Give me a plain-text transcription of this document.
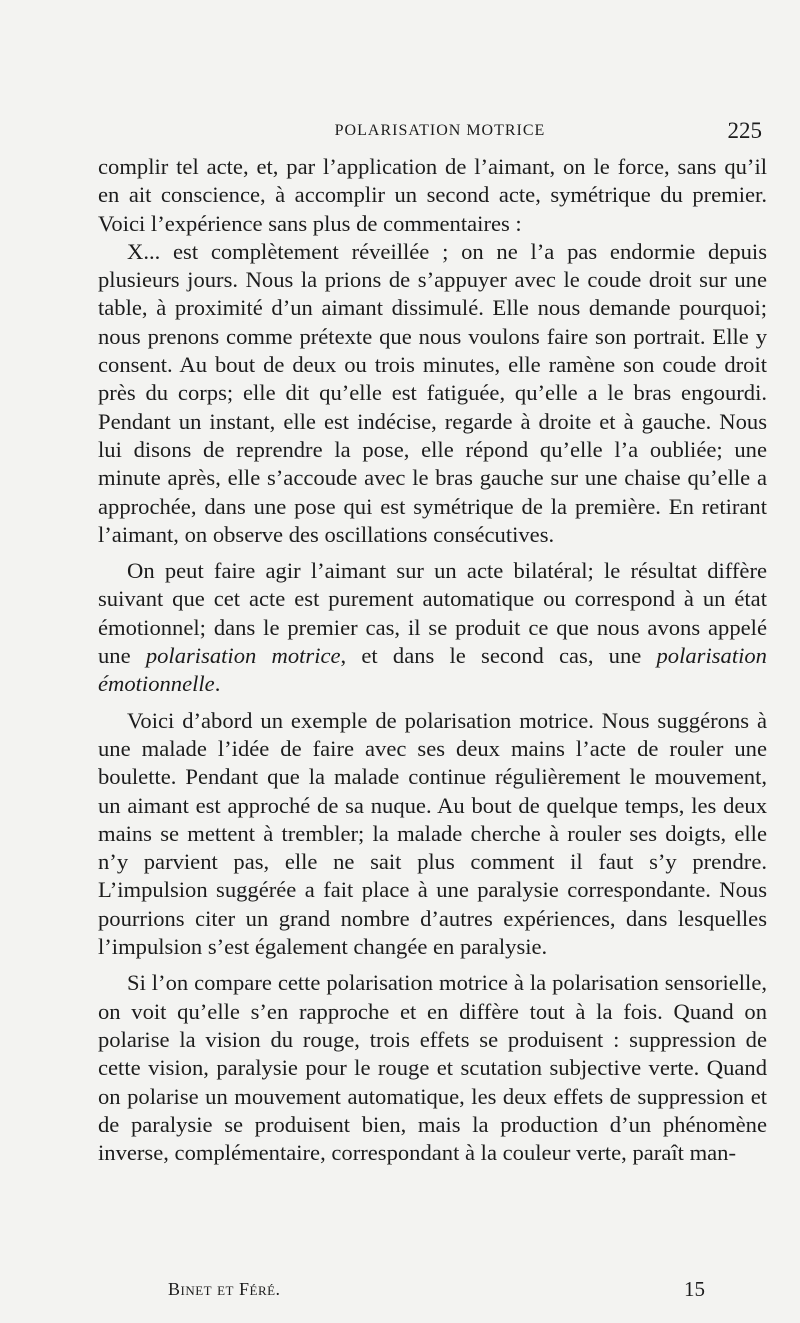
POLARISATION MOTRICE	225

complir tel acte, et, par l’application de l’aimant, on le force, sans qu’il en ait conscience, à accomplir un second acte, symétrique du premier. Voici l’expérience sans plus de commentaires :

X... est complètement réveillée ; on ne l’a pas endormie depuis plusieurs jours. Nous la prions de s’appuyer avec le coude droit sur une table, à proximité d’un aimant dissimulé. Elle nous demande pourquoi; nous prenons comme prétexte que nous voulons faire son portrait. Elle y consent. Au bout de deux ou trois minutes, elle ramène son coude droit près du corps; elle dit qu’elle est fatiguée, qu’elle a le bras engourdi. Pendant un instant, elle est indécise, regarde à droite et à gauche. Nous lui disons de reprendre la pose, elle répond qu’elle l’a oubliée; une minute après, elle s’accoude avec le bras gauche sur une chaise qu’elle a approchée, dans une pose qui est symétrique de la première. En retirant l’aimant, on observe des oscillations consécutives.

On peut faire agir l’aimant sur un acte bilatéral; le résultat diffère suivant que cet acte est purement automatique ou correspond à un état émotionnel; dans le premier cas, il se produit ce que nous avons appelé une polarisation motrice, et dans le second cas, une polarisation émotionnelle.

Voici d’abord un exemple de polarisation motrice. Nous suggérons à une malade l’idée de faire avec ses deux mains l’acte de rouler une boulette. Pendant que la malade continue régulièrement le mouvement, un aimant est approché de sa nuque. Au bout de quelque temps, les deux mains se mettent à trembler; la malade cherche à rouler ses doigts, elle n’y parvient pas, elle ne sait plus comment il faut s’y prendre. L’impulsion suggérée a fait place à une paralysie correspondante. Nous pourrions citer un grand nombre d’autres expériences, dans lesquelles l’impulsion s’est également changée en paralysie.

Si l’on compare cette polarisation motrice à la polarisation sensorielle, on voit qu’elle s’en rapproche et en diffère tout à la fois. Quand on polarise la vision du rouge, trois effets se produisent : suppression de cette vision, paralysie pour le rouge et scutation subjective verte. Quand on polarise un mouvement automatique, les deux effets de suppression et de paralysie se produisent bien, mais la production d’un phénomène inverse, complémentaire, correspondant à la couleur verte, paraît man-

Binet et Féré.	15
